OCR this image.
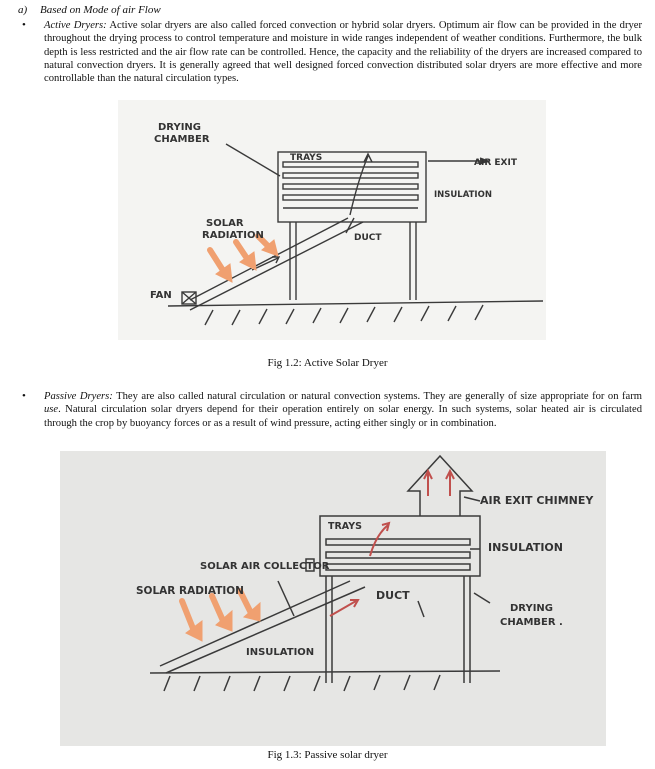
a) Based on Mode of air Flow
• Active Dryers: Active solar dryers are also called forced convection or hybrid solar dryers. Optimum air flow can be provided in the dryer throughout the drying process to control temperature and moisture in wide ranges independent of weather conditions. Furthermore, the bulk depth is less restricted and the air flow rate can be controlled. Hence, the capacity and the reliability of the dryers are increased compared to natural convection dryers. It is generally agreed that well designed forced convection distributed solar dryers are more effective and more controllable than the natural circulation types.
DRYING
CHAMBER
TRAYS	AIR EXIT
INSULATION
SOLAR
RADIATION	DUCT
FAN
Fig 1.2: Active Solar Dryer
• Passive Dryers: They are also called natural circulation or natural convection systems. They are generally of size appropriate for on farm use. Natural circulation solar dryers depend for their operation entirely on solar energy. In such systems, solar heated air is circulated through the crop by buoyancy forces or as a result of wind pressure, acting either singly or in combination.
AIR EXIT CHIMNEY
TRAYS
INSULATION
SOLAR AIR COLLECTOR
SOLAR RADIATION	DUCT
DRYING
CHAMBER .
INSULATION
Fig 1.3: Passive solar dryer
